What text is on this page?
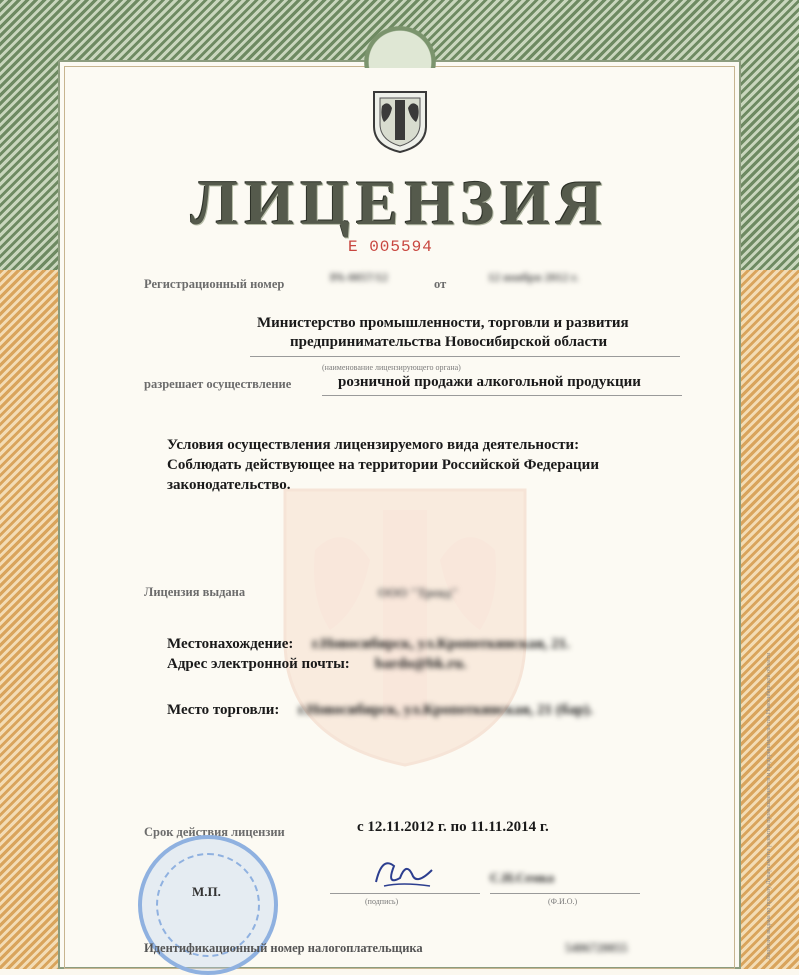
ЛИЦЕНЗИЯ
E 005594
Регистрационный номер	РА-0057/12	от	12 ноября 2012 г.
Министерство промышленности, торговли и развития
предпринимательства Новосибирской области
(наименование лицензирующего органа)
разрешает осуществление	розничной продажи алкогольной продукции
Условия осуществления лицензируемого вида деятельности:
Соблюдать действующее на территории Российской Федерации
законодательство.
Лицензия выдана	ООО "Тренд"
Местонахождение: г.Новосибирск, ул.Кропоткинская, 21.
Адрес электронной почты: bardo@bk.ru.
Место торговли: г.Новосибирск, ул.Кропоткинская, 21 (бар).
Срок действия лицензии	с 12.11.2012 г. по 11.11.2014 г.
С.Н.Семка
(подпись)	(Ф.И.О.)
М.П.
Идентификационный номер налогоплательщика	5406720055	Лицензия выдана по приказу Департамента развития промышленности и предпринимательства Новосибирской области
